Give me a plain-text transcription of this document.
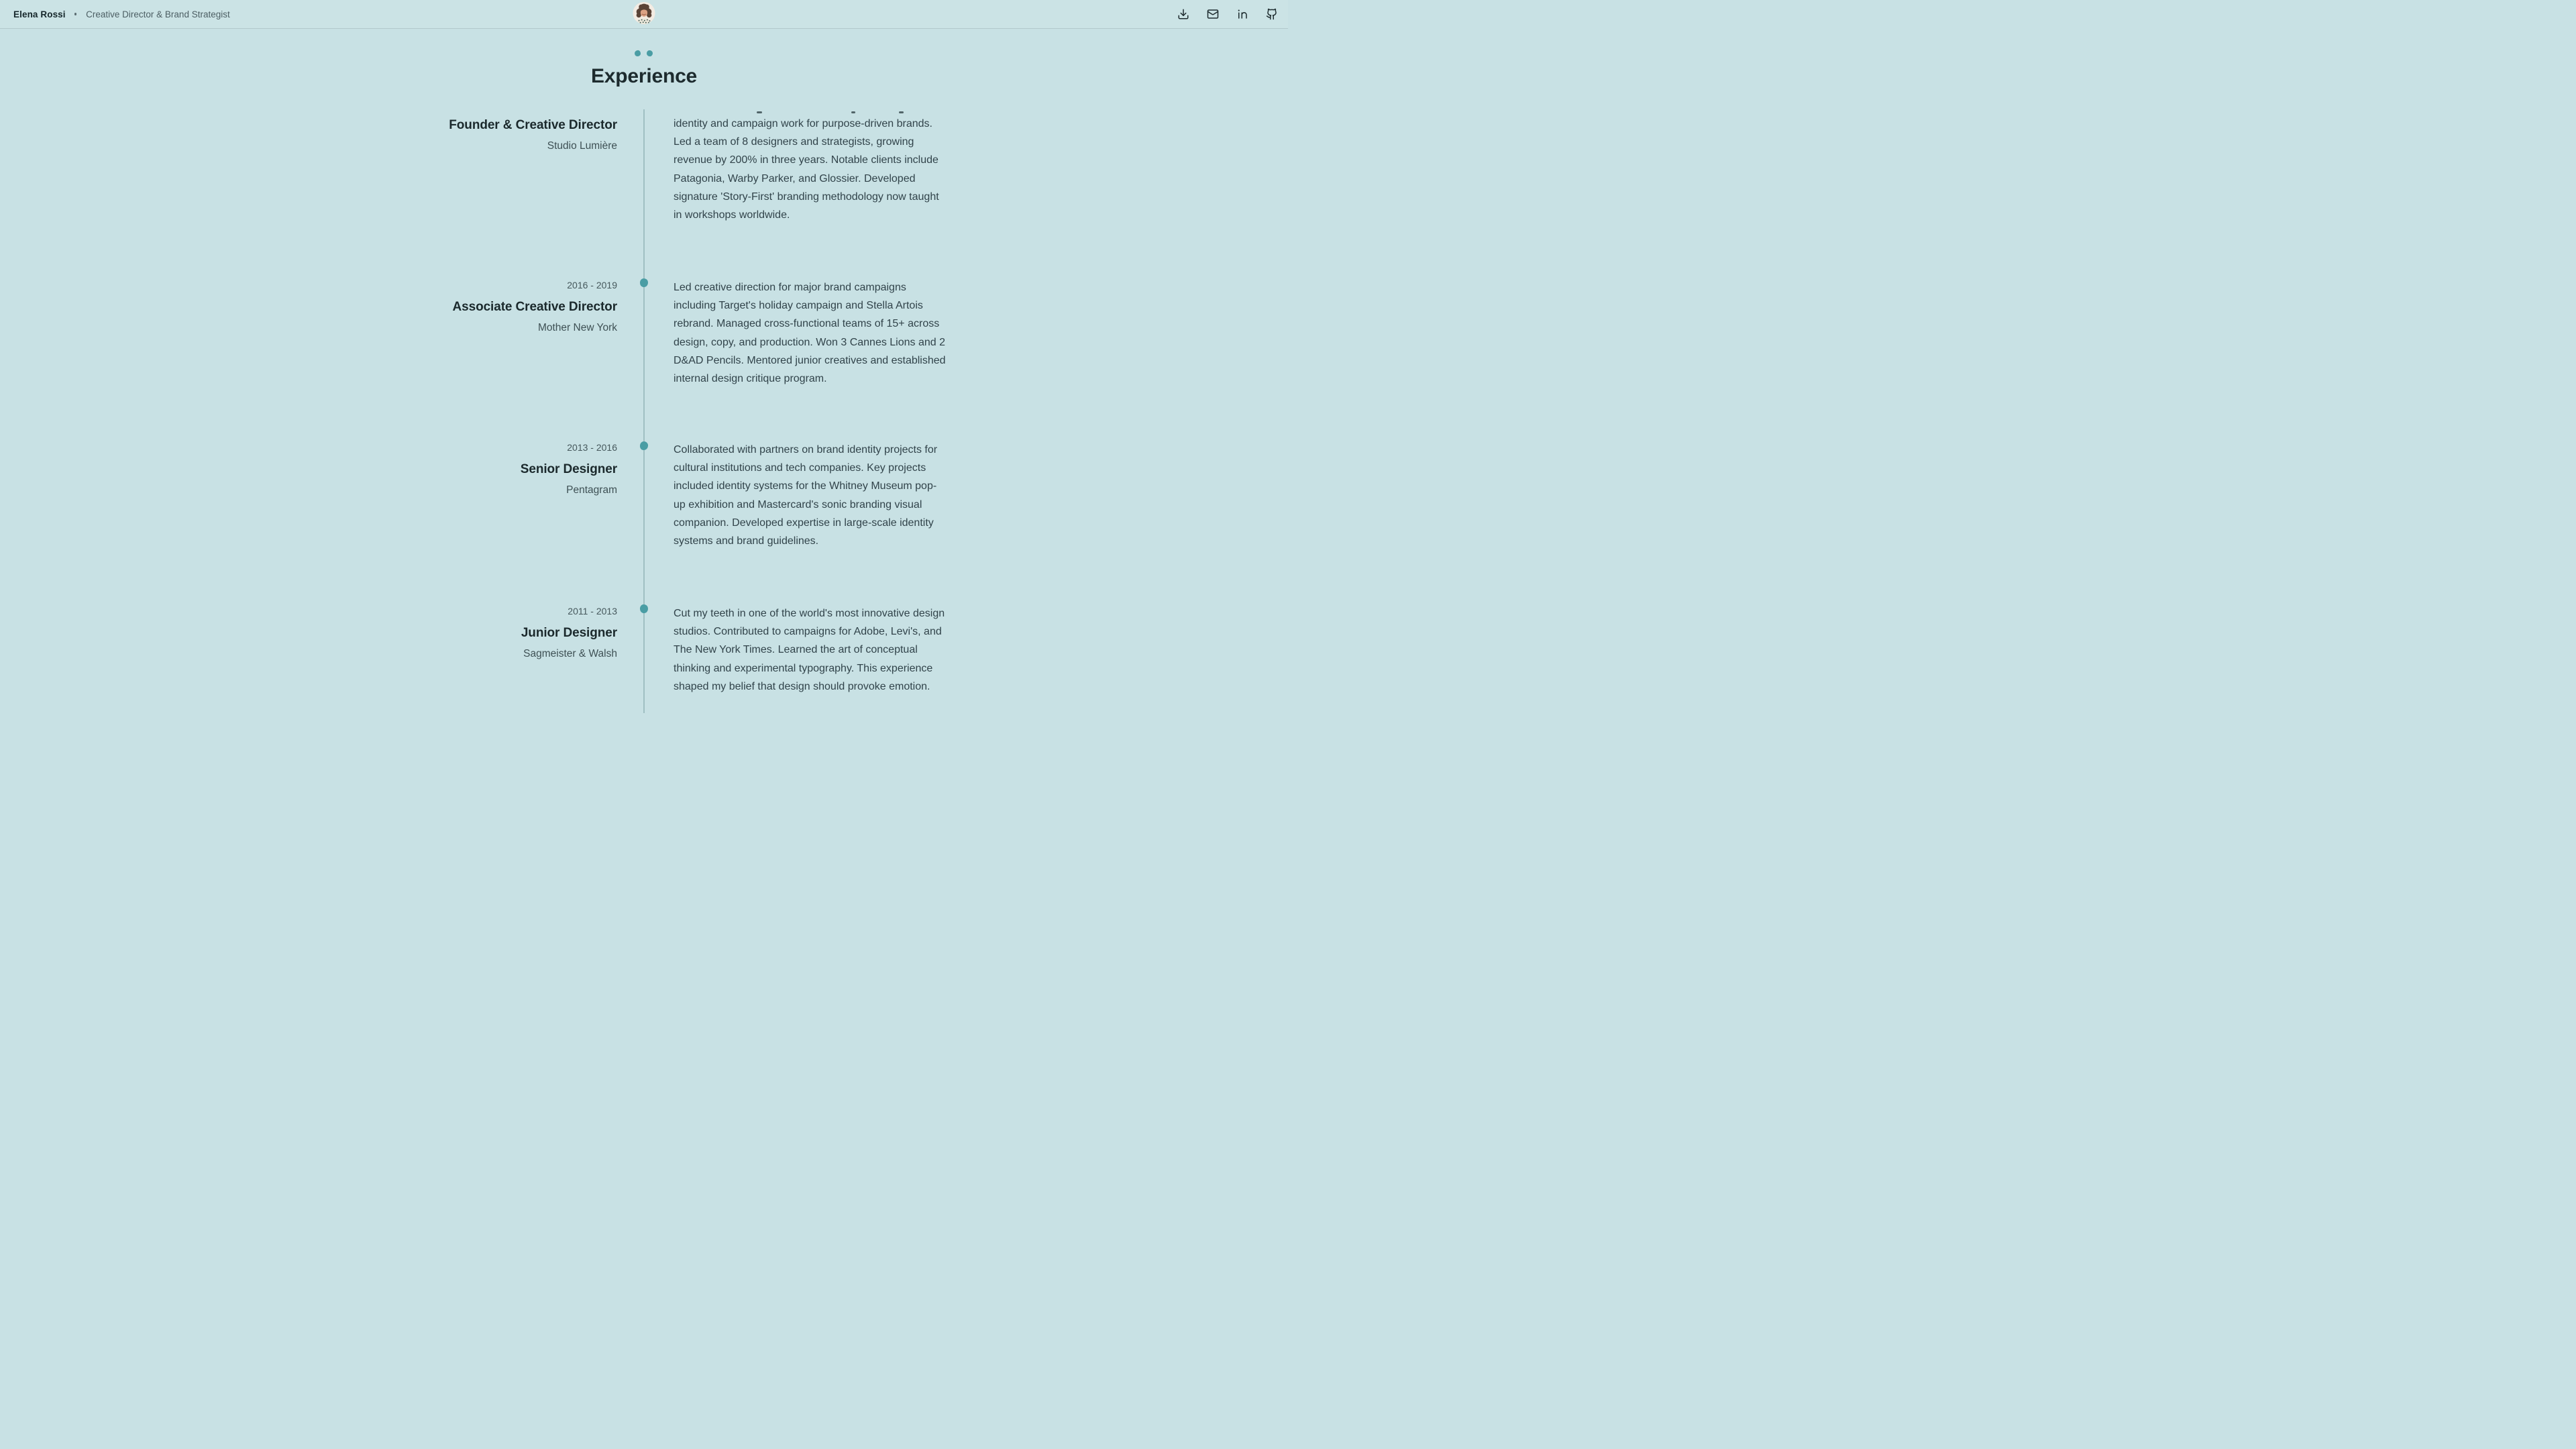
Elena Rossi Creative Director & Brand Strategist
Experience
Founder & Creative Director

Studio Lumière

identity and campaign work for purpose-driven brands. Led a team of 8 designers and strategists, growing revenue by 200% in three years. Notable clients include Patagonia, Warby Parker, and Glossier. Developed signature 'Story-First' branding methodology now taught in workshops worldwide.

2016 - 2019

Associate Creative Director

Mother New York

Led creative direction for major brand campaigns including Target's holiday campaign and Stella Artois rebrand. Managed cross-functional teams of 15+ across design, copy, and production. Won 3 Cannes Lions and 2 D&AD Pencils. Mentored junior creatives and established internal design critique program.

2013 - 2016

Senior Designer

Pentagram

Collaborated with partners on brand identity projects for cultural institutions and tech companies. Key projects included identity systems for the Whitney Museum pop-up exhibition and Mastercard's sonic branding visual companion. Developed expertise in large-scale identity systems and brand guidelines.

2011 - 2013

Junior Designer

Sagmeister & Walsh

Cut my teeth in one of the world's most innovative design studios. Contributed to campaigns for Adobe, Levi's, and The New York Times. Learned the art of conceptual thinking and experimental typography. This experience shaped my belief that design should provoke emotion.
